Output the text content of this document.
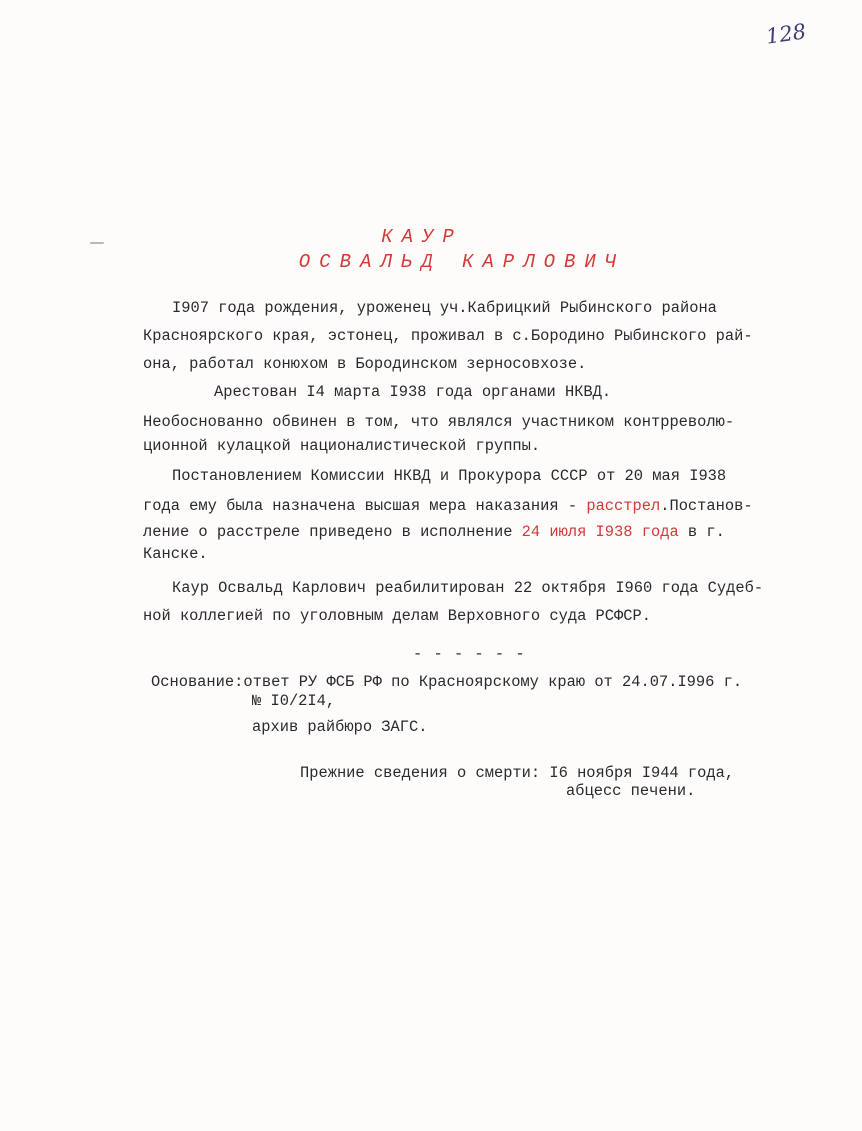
128
КАУР
ОСВАЛЬД КАРЛОВИЧ
I907 года рождения, уроженец уч.Кабрицкий Рыбинского района
Красноярского края, эстонец, проживал в с.Бородино Рыбинского рай-
она, работал конюхом в Бородинском зерносовхозе.
Арестован I4 марта I938 года органами НКВД.
Необоснованно обвинен в том, что являлся участником контрреволю-
ционной кулацкой националистической группы.
Постановлением Комиссии НКВД и Прокурора СССР от 20 мая I938
года ему была назначена высшая мера наказания - расстрел.Постанов-
ление о расстреле приведено в исполнение 24 июля I938 года в г.
Канске.
Каур Освальд Карлович реабилитирован 22 октября I960 года Судеб-
ной коллегией по уголовным делам Верховного суда РСФСР.
- - - - - -
Основание:ответ РУ ФСБ РФ по Красноярскому краю от 24.07.I996 г.
№ I0/2I4,
архив райбюро ЗАГС.
Прежние сведения о смерти: I6 ноября I944 года,
абцесс печени.
